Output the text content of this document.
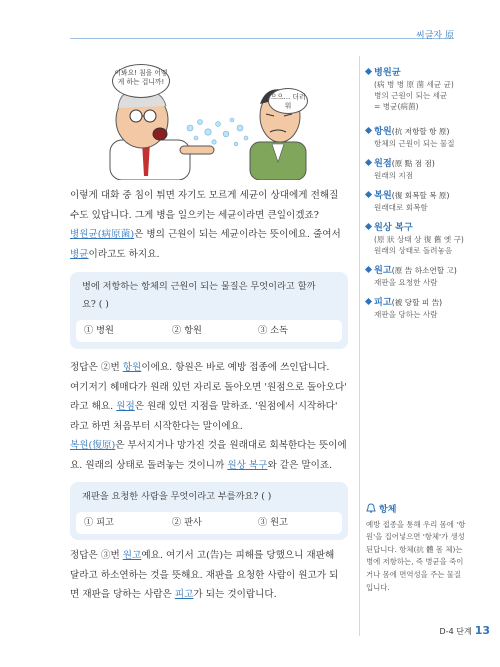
씨글자 原
이봐요! 침을 어떻게 하는 겁니까!
으으… 더러워
이렇게 대화 중 침이 튀면 자기도 모르게 세균이 상대에게 전해질
수도 있답니다. 그게 병을 일으키는 세균이라면 큰일이겠죠?
병원균(病原菌)은 병의 근원이 되는 세균이라는 뜻이에요. 줄여서
병균이라고도 하지요.
병에 저항하는 항체의 근원이 되는 물질은 무엇이라고 할까
요? ( )
① 병원	② 항원	③ 소독
정답은 ②번 항원이에요. 항원은 바로 예방 접종에 쓰인답니다.
여기저기 헤매다가 원래 있던 자리로 돌아오면 '원점으로 돌아오다'
라고 해요. 원점은 원래 있던 지점을 말하죠. '원점에서 시작하다'
라고 하면 처음부터 시작한다는 말이에요.
복원(復原)은 부서지거나 망가진 것을 원래대로 회복한다는 뜻이에
요. 원래의 상태로 돌려놓는 것이니까 원상 복구와 같은 말이죠.
재판을 요청한 사람을 무엇이라고 부를까요? ( )
① 피고	② 판사	③ 원고
정답은 ③번 원고예요. 여기서 고(告)는 피해를 당했으니 재판해
달라고 하소연하는 것을 뜻해요. 재판을 요청한 사람이 원고가 되
면 재판을 당하는 사람은 피고가 되는 것이랍니다.
병원균
(病 병 병 原 菌 세균 균)
병의 근원이 되는 세균
= 병균(病菌)
항원(抗 저항할 항 原)
항체의 근원이 되는 물질
원점(原 點 점 점)
원래의 지점
복원(復 회복할 복 原)
원래대로 회복함
원상 복구
(原 狀 상태 상 復 舊 옛 구)
원래의 상태로 돌려놓음
원고(原 告 하소연할 고)
재판을 요청한 사람
피고(被 당할 피 告)
재판을 당하는 사람
항체
예방 접종을 통해 우리 몸에 '항
원'을 집어넣으면 '항체'가 생성
된답니다. 항체(抗 體 몸 체)는
병에 저항하는, 즉 병균을 죽이
거나 몸에 면역성을 주는 물질
입니다.
D-4 단계 13
